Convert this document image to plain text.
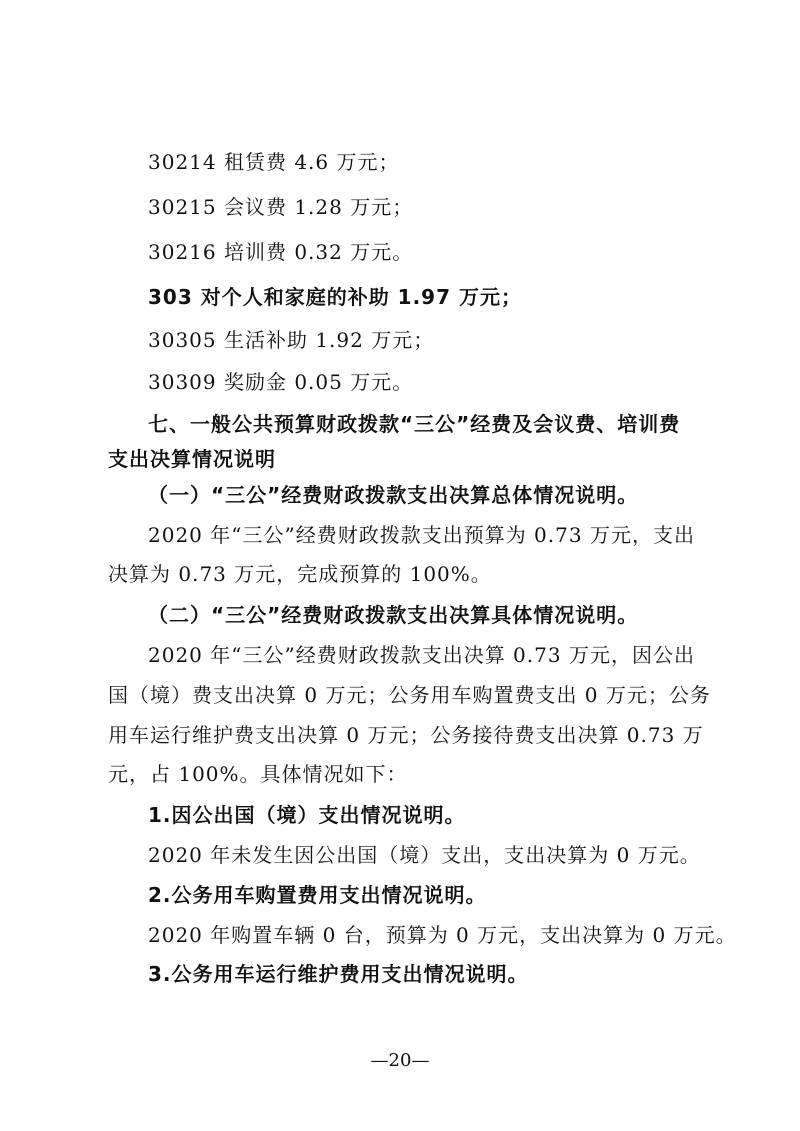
30214 租赁费 4.6 万元；
30215 会议费 1.28 万元；
30216 培训费 0.32 万元。
303 对个人和家庭的补助 1.97 万元；
30305 生活补助 1.92 万元；
30309 奖励金 0.05 万元。
七、一般公共预算财政拨款“三公”经费及会议费、培训费
支出决算情况说明
（一）“三公”经费财政拨款支出决算总体情况说明。
2020 年“三公”经费财政拨款支出预算为 0.73 万元，支出
决算为 0.73 万元，完成预算的 100%。
（二）“三公”经费财政拨款支出决算具体情况说明。
2020 年“三公”经费财政拨款支出决算 0.73 万元，因公出
国（境）费支出决算 0 万元；公务用车购置费支出 0 万元；公务
用车运行维护费支出决算 0 万元；公务接待费支出决算 0.73 万
元，占 100%。具体情况如下：
1.因公出国（境）支出情况说明。
2020 年未发生因公出国（境）支出，支出决算为 0 万元。
2.公务用车购置费用支出情况说明。
2020 年购置车辆 0 台，预算为 0 万元，支出决算为 0 万元。
3.公务用车运行维护费用支出情况说明。
—20—
